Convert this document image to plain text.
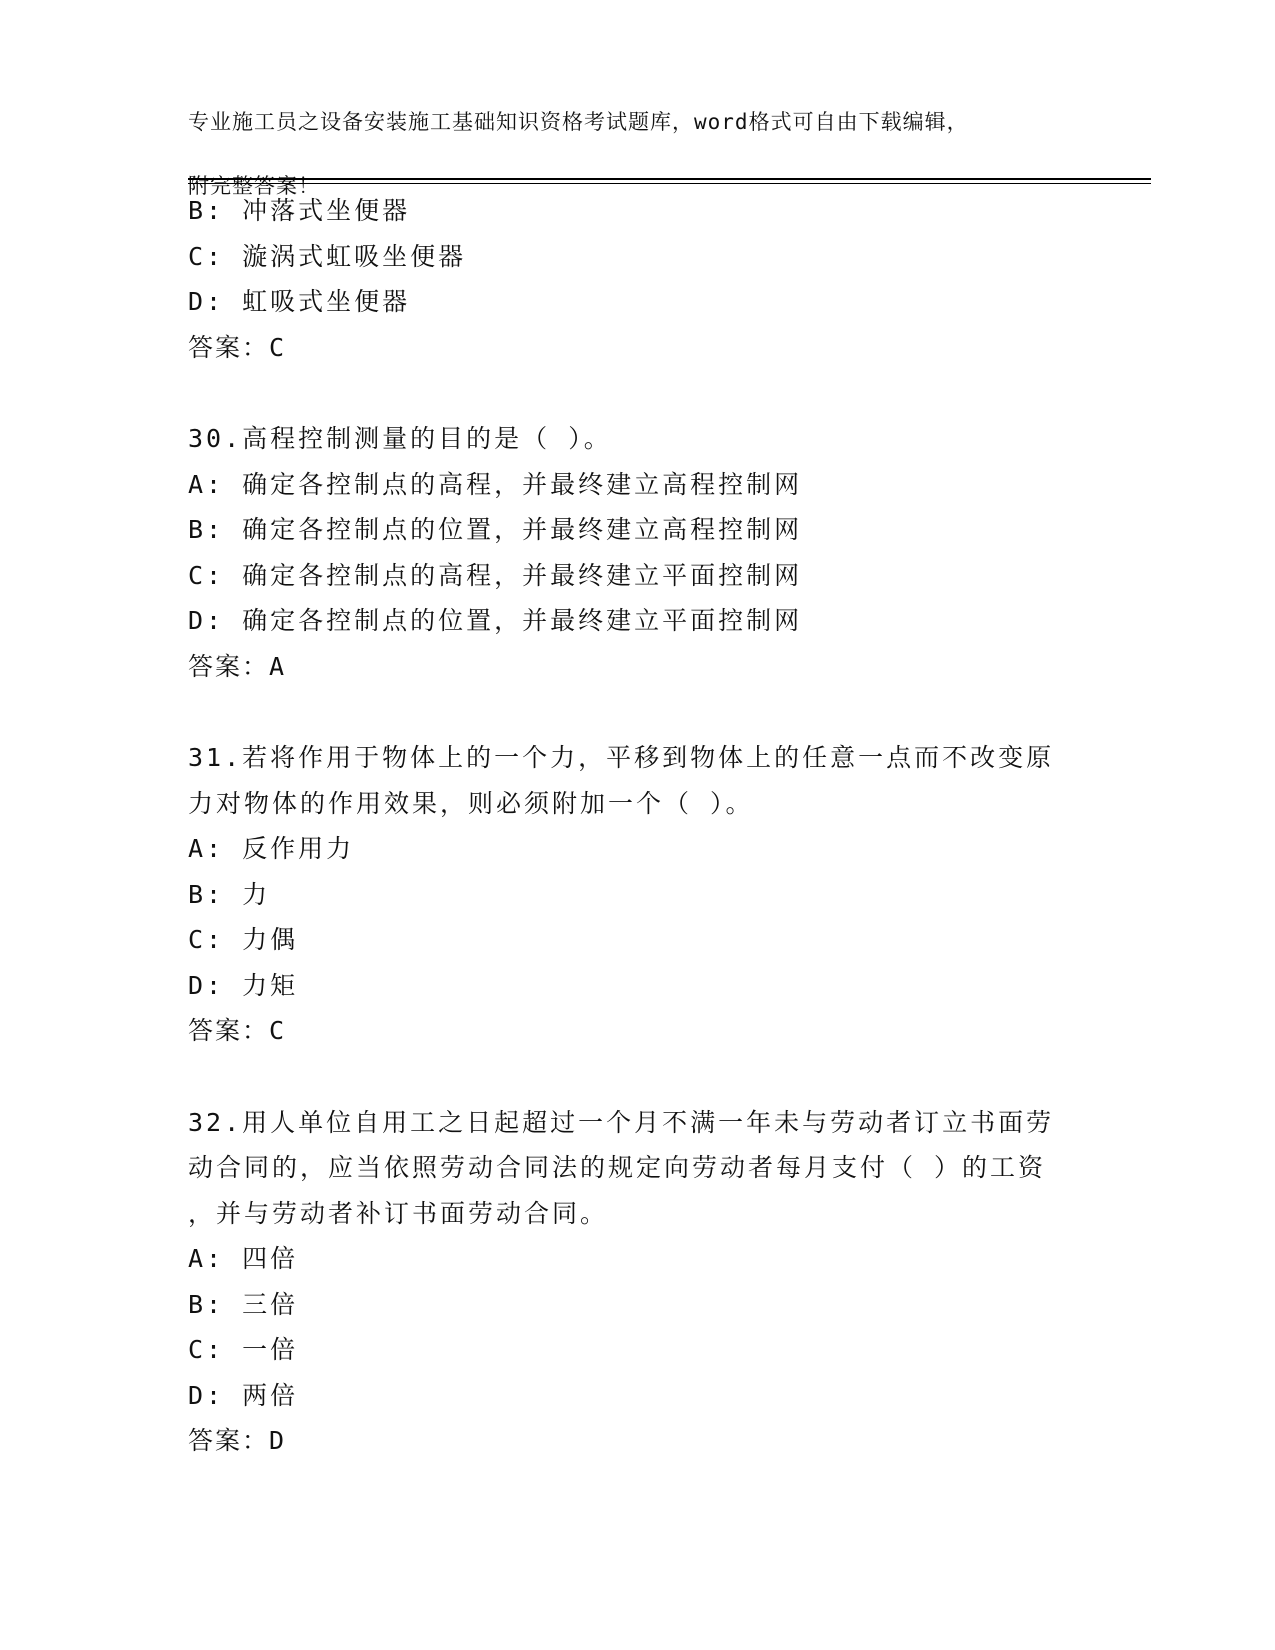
专业施工员之设备安装施工基础知识资格考试题库，word格式可自由下载编辑，

附完整答案！

B: 冲落式坐便器
C: 漩涡式虹吸坐便器
D: 虹吸式坐便器
答案：C
30.高程控制测量的目的是（ ）。
A: 确定各控制点的高程，并最终建立高程控制网
B: 确定各控制点的位置，并最终建立高程控制网
C: 确定各控制点的高程，并最终建立平面控制网
D: 确定各控制点的位置，并最终建立平面控制网
答案：A
31.若将作用于物体上的一个力，平移到物体上的任意一点而不改变原
力对物体的作用效果，则必须附加一个（ ）。
A: 反作用力
B: 力
C: 力偶
D: 力矩
答案：C
32.用人单位自用工之日起超过一个月不满一年未与劳动者订立书面劳
动合同的，应当依照劳动合同法的规定向劳动者每月支付（ ）的工资
，并与劳动者补订书面劳动合同。
A: 四倍
B: 三倍
C: 一倍
D: 两倍
答案：D
